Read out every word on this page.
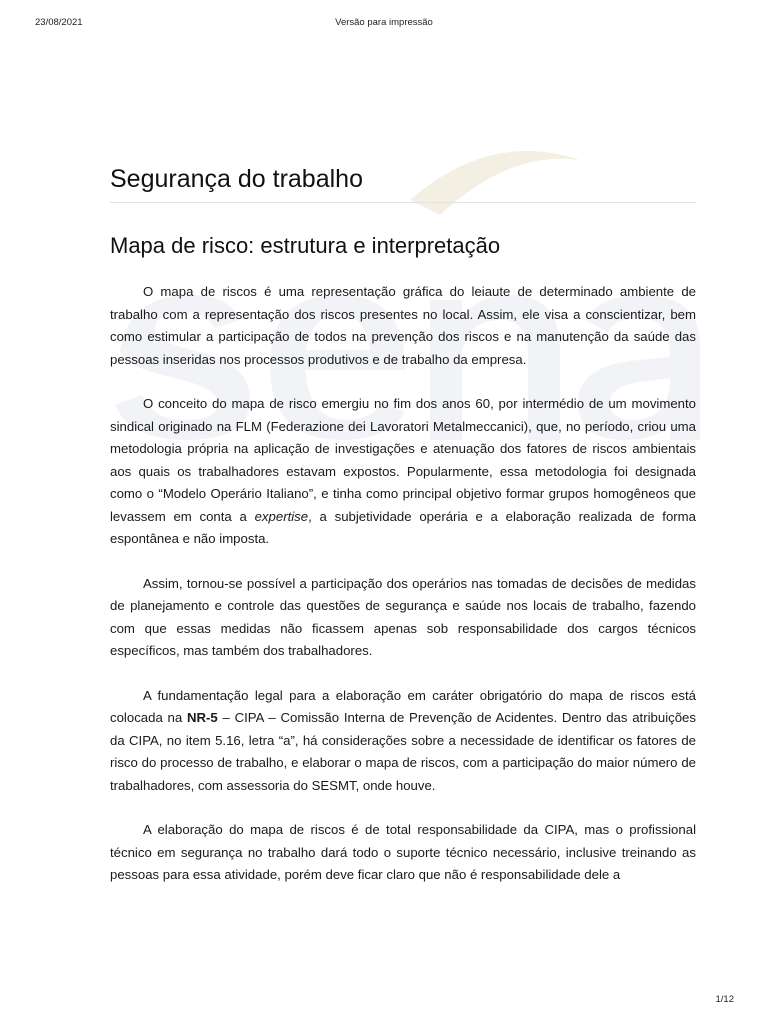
23/08/2021	Versão para impressão
Segurança do trabalho
Mapa de risco: estrutura e interpretação

O mapa de riscos é uma representação gráfica do leiaute de determinado ambiente de trabalho com a representação dos riscos presentes no local. Assim, ele visa a conscientizar, bem como estimular a participação de todos na prevenção dos riscos e na manutenção da saúde das pessoas inseridas nos processos produtivos e de trabalho da empresa.

O conceito do mapa de risco emergiu no fim dos anos 60, por intermédio de um movimento sindical originado na FLM (Federazione dei Lavoratori Metalmeccanici), que, no período, criou uma metodologia própria na aplicação de investigações e atenuação dos fatores de riscos ambientais aos quais os trabalhadores estavam expostos. Popularmente, essa metodologia foi designada como o “Modelo Operário Italiano”, e tinha como principal objetivo formar grupos homogêneos que levassem em conta a expertise, a subjetividade operária e a elaboração realizada de forma espontânea e não imposta.

Assim, tornou-se possível a participação dos operários nas tomadas de decisões de medidas de planejamento e controle das questões de segurança e saúde nos locais de trabalho, fazendo com que essas medidas não ficassem apenas sob responsabilidade dos cargos técnicos específicos, mas também dos trabalhadores.

A fundamentação legal para a elaboração em caráter obrigatório do mapa de riscos está colocada na NR-5 – CIPA – Comissão Interna de Prevenção de Acidentes. Dentro das atribuições da CIPA, no item 5.16, letra “a”, há considerações sobre a necessidade de identificar os fatores de risco do processo de trabalho, e elaborar o mapa de riscos, com a participação do maior número de trabalhadores, com assessoria do SESMT, onde houve.

A elaboração do mapa de riscos é de total responsabilidade da CIPA, mas o profissional técnico em segurança no trabalho dará todo o suporte técnico necessário, inclusive treinando as pessoas para essa atividade, porém deve ficar claro que não é responsabilidade dele a

1/12
